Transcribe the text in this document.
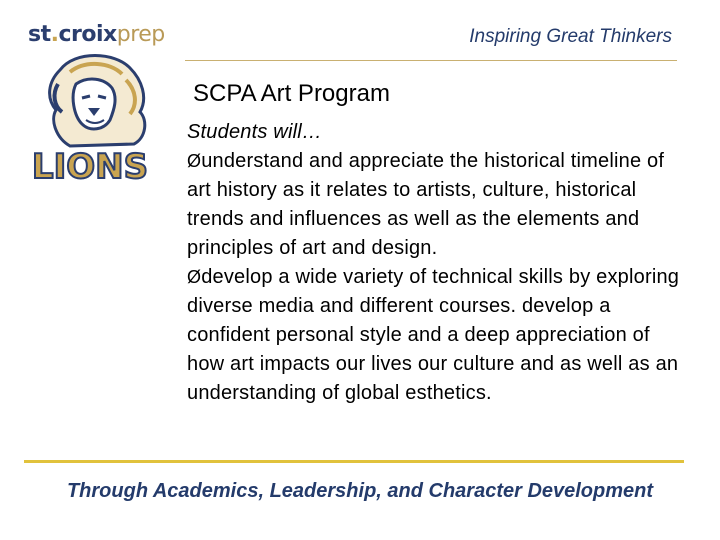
st.croixprep	Inspiring Great Thinkers
LIONS
SCPA Art Program
Students will…
Øunderstand and appreciate the historical timeline of art history as it relates to artists, culture, historical trends and influences as well as the elements and principles of art and design.
Ødevelop a wide variety of technical skills by exploring diverse media and different courses. develop a confident personal style and a deep appreciation of how art impacts our lives our culture and as well as an understanding of global esthetics.
Through Academics, Leadership, and Character Development
